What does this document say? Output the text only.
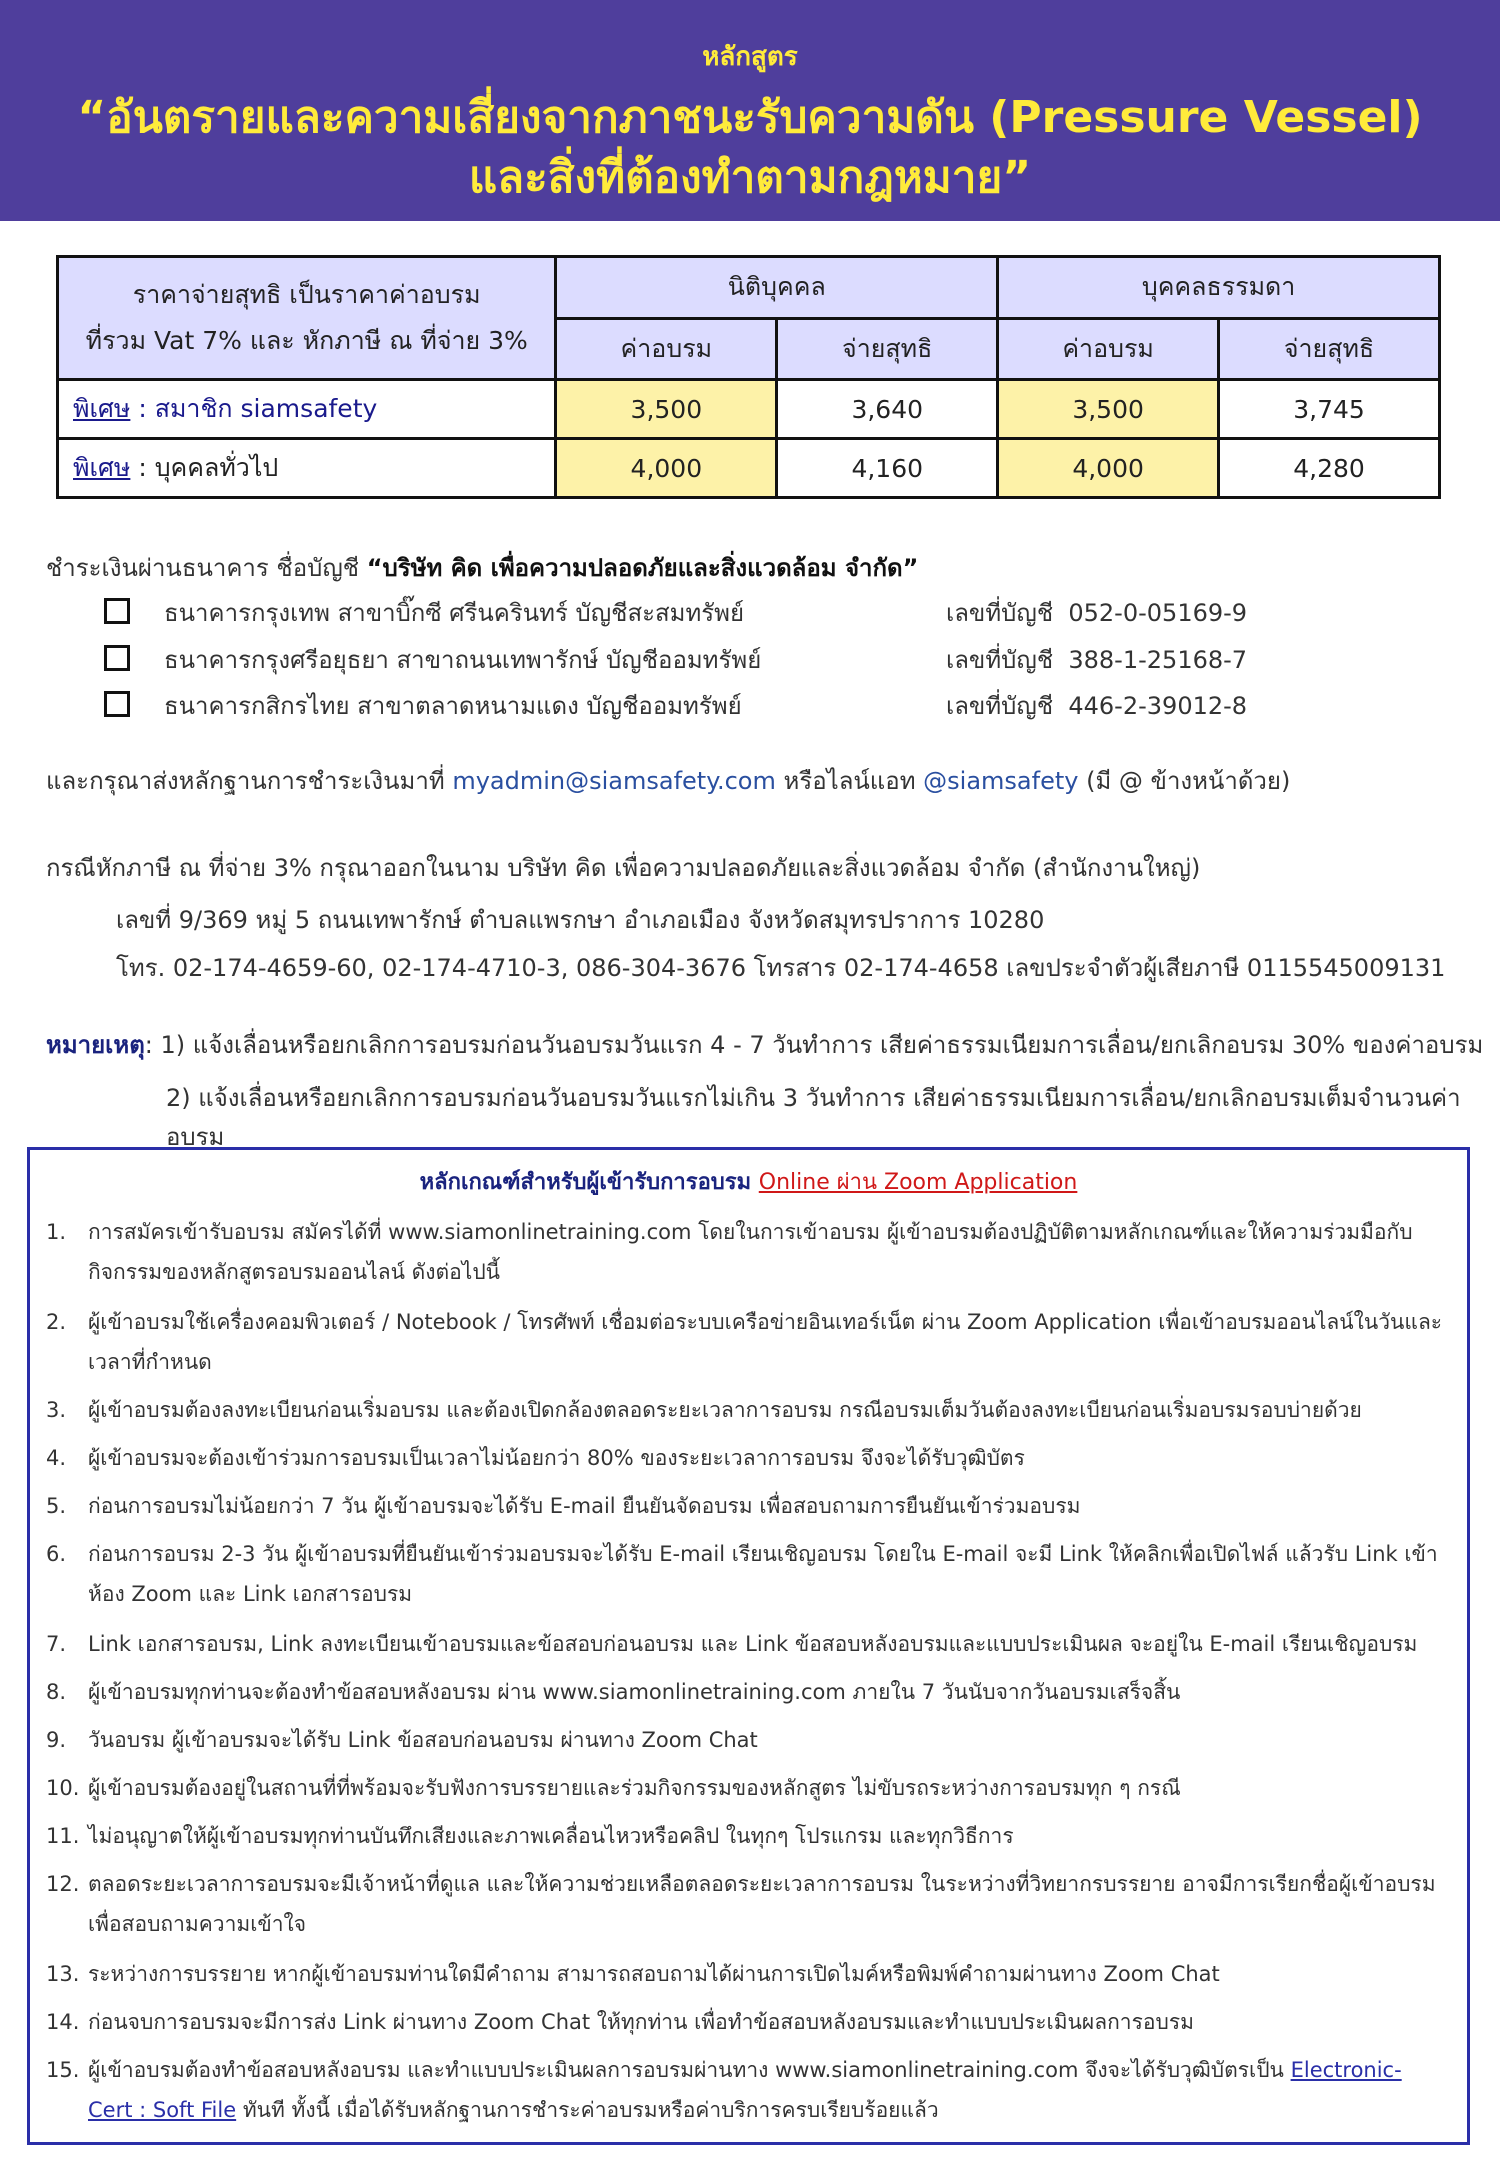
หลักสูตร
“อันตรายและความเสี่ยงจากภาชนะรับความดัน (Pressure Vessel)
และสิ่งที่ต้องทำตามกฎหมาย”
ราคาจ่ายสุทธิ เป็นราคาค่าอบรม
ที่รวม Vat 7% และ หักภาษี ณ ที่จ่าย 3%	นิติบุคคล		บุคคลธรรมดา	
	ค่าอบรม	จ่ายสุทธิ	ค่าอบรม	จ่ายสุทธิ
พิเศษ : สมาชิก siamsafety	3,500	3,640	3,500	3,745
พิเศษ : บุคคลทั่วไป	4,000	4,160	4,000	4,280
ชำระเงินผ่านธนาคาร ชื่อบัญชี “บริษัท คิด เพื่อความปลอดภัยและสิ่งแวดล้อม จำกัด”
ธนาคารกรุงเทพ สาขาบิ๊กซี ศรีนครินทร์ บัญชีสะสมทรัพย์	เลขที่บัญชี 052-0-05169-9
ธนาคารกรุงศรีอยุธยา สาขาถนนเทพารักษ์ บัญชีออมทรัพย์	เลขที่บัญชี 388-1-25168-7
ธนาคารกสิกรไทย สาขาตลาดหนามแดง บัญชีออมทรัพย์	เลขที่บัญชี 446-2-39012-8
และกรุณาส่งหลักฐานการชำระเงินมาที่ myadmin@siamsafety.com หรือไลน์แอท @siamsafety (มี @ ข้างหน้าด้วย)
กรณีหักภาษี ณ ที่จ่าย 3% กรุณาออกในนาม บริษัท คิด เพื่อความปลอดภัยและสิ่งแวดล้อม จำกัด (สำนักงานใหญ่)
เลขที่ 9/369 หมู่ 5 ถนนเทพารักษ์ ตำบลแพรกษา อำเภอเมือง จังหวัดสมุทรปราการ 10280
โทร. 02-174-4659-60, 02-174-4710-3, 086-304-3676 โทรสาร 02-174-4658 เลขประจำตัวผู้เสียภาษี 0115545009131
หมายเหตุ: 1) แจ้งเลื่อนหรือยกเลิกการอบรมก่อนวันอบรมวันแรก 4 - 7 วันทำการ เสียค่าธรรมเนียมการเลื่อน/ยกเลิกอบรม 30% ของค่าอบรม
2) แจ้งเลื่อนหรือยกเลิกการอบรมก่อนวันอบรมวันแรกไม่เกิน 3 วันทำการ เสียค่าธรรมเนียมการเลื่อน/ยกเลิกอบรมเต็มจำนวนค่าอบรม
หลักเกณฑ์สำหรับผู้เข้ารับการอบรม Online ผ่าน Zoom Application
1.	การสมัครเข้ารับอบรม สมัครได้ที่ www.siamonlinetraining.com โดยในการเข้าอบรม ผู้เข้าอบรมต้องปฏิบัติตามหลักเกณฑ์และให้ความร่วมมือกับกิจกรรมของหลักสูตรอบรมออนไลน์ ดังต่อไปนี้
2.	ผู้เข้าอบรมใช้เครื่องคอมพิวเตอร์ / Notebook / โทรศัพท์ เชื่อมต่อระบบเครือข่ายอินเทอร์เน็ต ผ่าน Zoom Application เพื่อเข้าอบรมออนไลน์ในวันและเวลาที่กำหนด
3.	ผู้เข้าอบรมต้องลงทะเบียนก่อนเริ่มอบรม และต้องเปิดกล้องตลอดระยะเวลาการอบรม กรณีอบรมเต็มวันต้องลงทะเบียนก่อนเริ่มอบรมรอบบ่ายด้วย
4.	ผู้เข้าอบรมจะต้องเข้าร่วมการอบรมเป็นเวลาไม่น้อยกว่า 80% ของระยะเวลาการอบรม จึงจะได้รับวุฒิบัตร
5.	ก่อนการอบรมไม่น้อยกว่า 7 วัน ผู้เข้าอบรมจะได้รับ E-mail ยืนยันจัดอบรม เพื่อสอบถามการยืนยันเข้าร่วมอบรม
6.	ก่อนการอบรม 2-3 วัน ผู้เข้าอบรมที่ยืนยันเข้าร่วมอบรมจะได้รับ E-mail เรียนเชิญอบรม โดยใน E-mail จะมี Link ให้คลิกเพื่อเปิดไฟล์ แล้วรับ Link เข้าห้อง Zoom และ Link เอกสารอบรม
7.	Link เอกสารอบรม, Link ลงทะเบียนเข้าอบรมและข้อสอบก่อนอบรม และ Link ข้อสอบหลังอบรมและแบบประเมินผล จะอยู่ใน E-mail เรียนเชิญอบรม
8.	ผู้เข้าอบรมทุกท่านจะต้องทำข้อสอบหลังอบรม ผ่าน www.siamonlinetraining.com ภายใน 7 วันนับจากวันอบรมเสร็จสิ้น
9.	วันอบรม ผู้เข้าอบรมจะได้รับ Link ข้อสอบก่อนอบรม ผ่านทาง Zoom Chat
10. ผู้เข้าอบรมต้องอยู่ในสถานที่ที่พร้อมจะรับฟังการบรรยายและร่วมกิจกรรมของหลักสูตร ไม่ขับรถระหว่างการอบรมทุก ๆ กรณี
11. ไม่อนุญาตให้ผู้เข้าอบรมทุกท่านบันทึกเสียงและภาพเคลื่อนไหวหรือคลิป ในทุกๆ โปรแกรม และทุกวิธีการ
12. ตลอดระยะเวลาการอบรมจะมีเจ้าหน้าที่ดูแล และให้ความช่วยเหลือตลอดระยะเวลาการอบรม ในระหว่างที่วิทยากรบรรยาย อาจมีการเรียกชื่อผู้เข้าอบรมเพื่อสอบถามความเข้าใจ
13. ระหว่างการบรรยาย หากผู้เข้าอบรมท่านใดมีคำถาม สามารถสอบถามได้ผ่านการเปิดไมค์หรือพิมพ์คำถามผ่านทาง Zoom Chat
14. ก่อนจบการอบรมจะมีการส่ง Link ผ่านทาง Zoom Chat ให้ทุกท่าน เพื่อทำข้อสอบหลังอบรมและทำแบบประเมินผลการอบรม
15. ผู้เข้าอบรมต้องทำข้อสอบหลังอบรม และทำแบบประเมินผลการอบรมผ่านทาง www.siamonlinetraining.com จึงจะได้รับวุฒิบัตรเป็น Electronic-Cert : Soft File ทันที ทั้งนี้ เมื่อได้รับหลักฐานการชำระค่าอบรมหรือค่าบริการครบเรียบร้อยแล้ว
